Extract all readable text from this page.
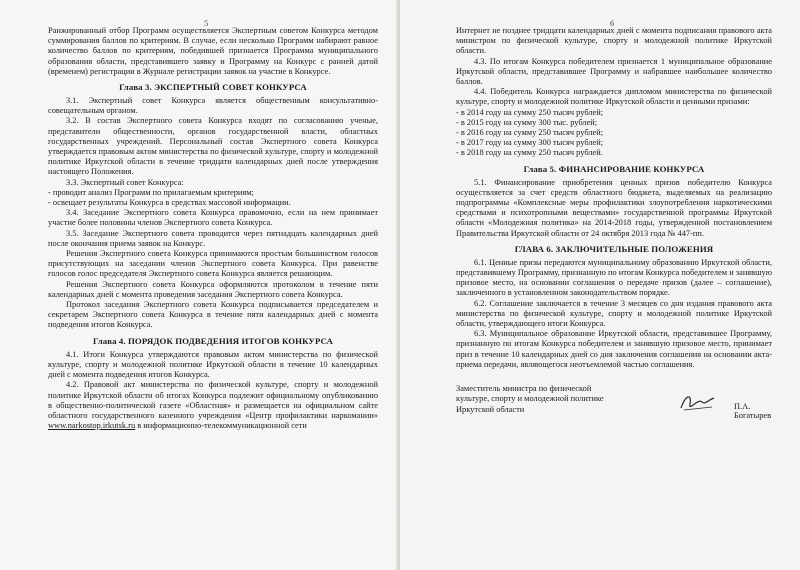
5

Ранжированный отбор Программ осуществляется Экспертным советом Конкурса методом суммирования баллов по критериям. В случае, если несколько Программ набирают равное количество баллов по критериям, победившей признается Программа муниципального образования области, представившего заявку и Программу на Конкурс с ранней датой (временем) регистрации в Журнале регистрации заявок на участие в Конкурсе.

Глава 3. ЭКСПЕРТНЫЙ СОВЕТ КОНКУРСА

3.1. Экспертный совет Конкурса является общественным консультативно-совещательным органом.

3.2. В состав Экспертного совета Конкурса входят по согласованию ученые, представители общественности, органов государственной власти, областных государственных учреждений. Персональный состав Экспертного совета Конкурса утверждается правовым актом министерства по физической культуре, спорту и молодежной политике Иркутской области в течение тридцати календарных дней после утверждения настоящего Положения.

3.3. Экспертный совет Конкурса:

- проводит анализ Программ по прилагаемым критериям;
- освещает результаты Конкурса в средствах массовой информации.

3.4. Заседание Экспертного совета Конкурса правомочно, если на нем принимает участие более половины членов Экспертного совета Конкурса.

3.5. Заседание Экспертного совета проводится через пятнадцать календарных дней после окончания приема заявок на Конкурс.

Решения Экспертного совета Конкурса принимаются простым большинством голосов присутствующих на заседании членов Экспертного совета Конкурса. При равенстве голосов голос председателя Экспертного совета Конкурса является решающим.

Решения Экспертного совета Конкурса оформляются протоколом в течение пяти календарных дней с момента проведения заседания Экспертного совета Конкурса.

Протокол заседания Экспертного совета Конкурса подписывается председателем и секретарем Экспертного совета Конкурса в течение пяти календарных дней с момента подведения итогов Конкурса.

Глава 4. ПОРЯДОК ПОДВЕДЕНИЯ ИТОГОВ КОНКУРСА

4.1. Итоги Конкурса утверждаются правовым актом министерства по физической культуре, спорту и молодежной политике Иркутской области в течение 10 календарных дней с момента подведения итогов Конкурса.

4.2. Правовой акт министерства по физической культуре, спорту и молодежной политике Иркутской области об итогах Конкурса подлежит официальному опубликованию в общественно-политической газете «Областная» и размещается на официальном сайте областного государственного казенного учреждения «Центр профилактики наркомании» www.narkostop.irkutsk.ru в информационно-телекоммуникационной сети

6

Интернет не позднее тридцати календарных дней с момента подписания правового акта министром по физической культуре, спорту и молодежной политике Иркутской области.

4.3. По итогам Конкурса победителем признается 1 муниципальное образование Иркутской области, представившее Программу и набравшее наибольшее количество баллов.

4.4. Победитель Конкурса награждается дипломом министерства по физической культуре, спорту и молодежной политике Иркутской области и ценными призами:

- в 2014 году на сумму 250 тысяч рублей;
- в 2015 году на сумму 300 тыс. рублей;
- в 2016 году на сумму 250 тысяч рублей;
- в 2017 году на сумму 300 тысяч рублей;
- в 2018 году на сумму 250 тысяч рублей.
Глава 5. ФИНАНСИРОВАНИЕ КОНКУРСА

5.1. Финансирование приобретения ценных призов победителю Конкурса осуществляется за счет средств областного бюджета, выделяемых на реализацию подпрограммы «Комплексные меры профилактики злоупотребления наркотическими средствами и психотропными веществами» государственной программы Иркутской области «Молодежная политика» на 2014-2018 годы, утвержденной постановлением Правительства Иркутской области от 24 октября 2013 года № 447-пп.

ГЛАВА 6. ЗАКЛЮЧИТЕЛЬНЫЕ ПОЛОЖЕНИЯ

6.1. Ценные призы передаются муниципальному образованию Иркутской области, представившему Программу, признанную по итогам Конкурса победителем и занявшую призовое место, на основании соглашения о передаче призов (далее – соглашение), заключенного в установленном законодательством порядке.

6.2. Соглашение заключается в течение 3 месяцев со дня издания правового акта министерства по физической культуре, спорту и молодежной политике Иркутской области, утверждающего итоги Конкурса.

6.3. Муниципальное образование Иркутской области, представившее Программу, признанную по итогам Конкурса победителем и занявшую призовое место, принимает приз в течение 10 календарных дней со дня заключения соглашения на основании акта-приема передачи, являющегося неотъемлемой частью соглашения.

Заместитель министра по физической культуре, спорту и молодежной политике Иркутской области	П.А. Богатырев
